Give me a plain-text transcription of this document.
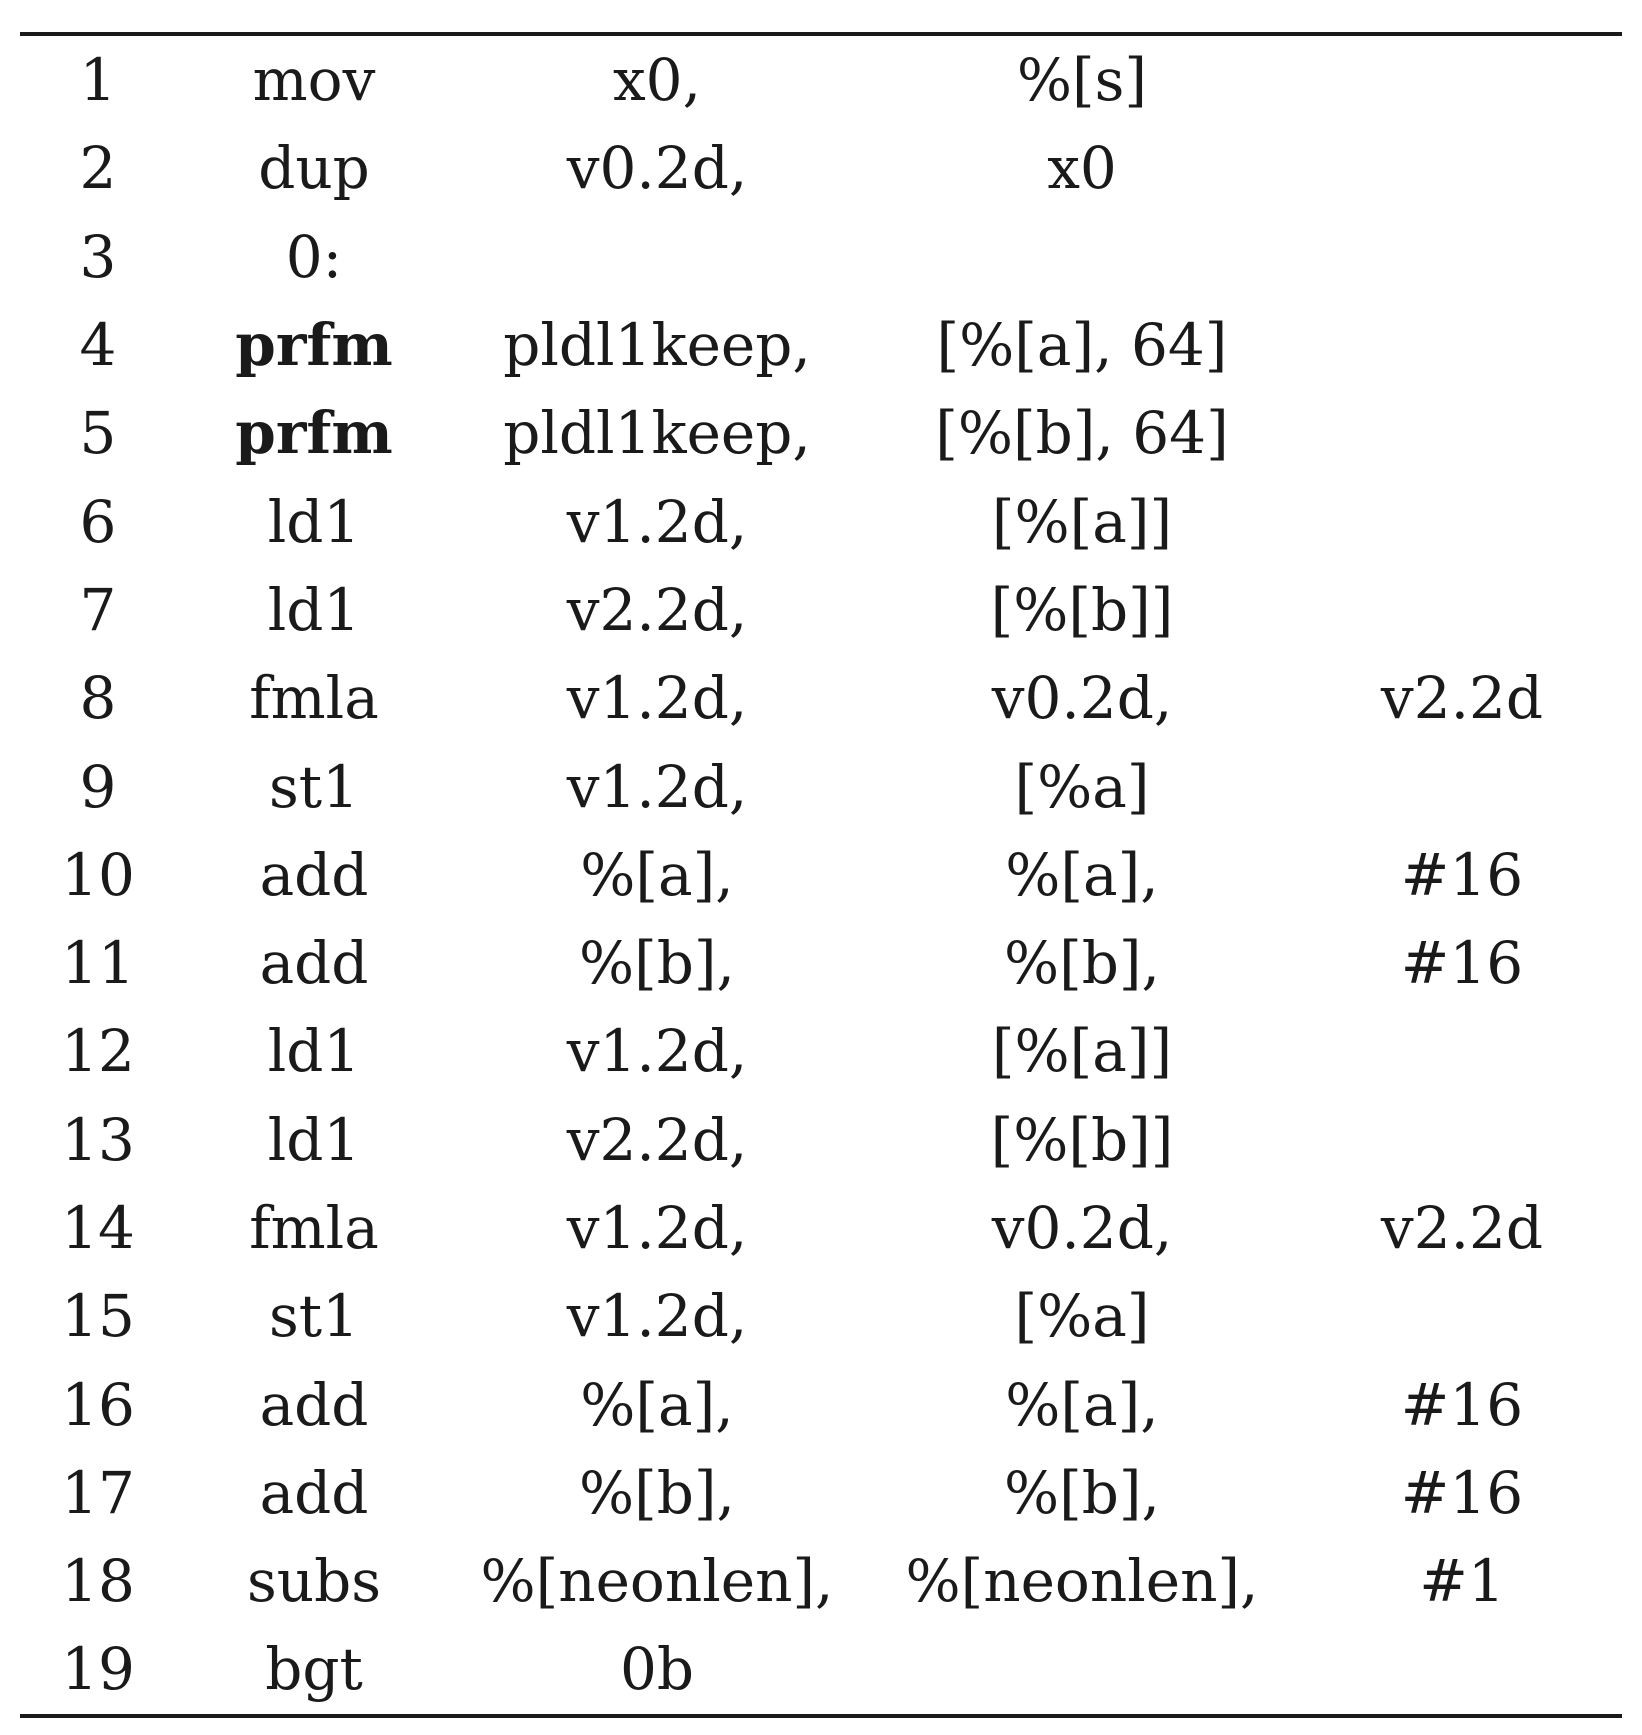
1	mov	x0,	%[s]	
2	dup	v0.2d,	x0	
3	0:			
4	prfm	pldl1keep,	[%[a], 64]	
5	prfm	pldl1keep,	[%[b], 64]	
6	ld1	v1.2d,	[%[a]]	
7	ld1	v2.2d,	[%[b]]	
8	fmla	v1.2d,	v0.2d,	v2.2d
9	st1	v1.2d,	[%a]	
10	add	%[a],	%[a],	#16
11	add	%[b],	%[b],	#16
12	ld1	v1.2d,	[%[a]]	
13	ld1	v2.2d,	[%[b]]	
14	fmla	v1.2d,	v0.2d,	v2.2d
15	st1	v1.2d,	[%a]	
16	add	%[a],	%[a],	#16
17	add	%[b],	%[b],	#16
18	subs	%[neonlen],	%[neonlen],	#1
19	bgt	0b		
